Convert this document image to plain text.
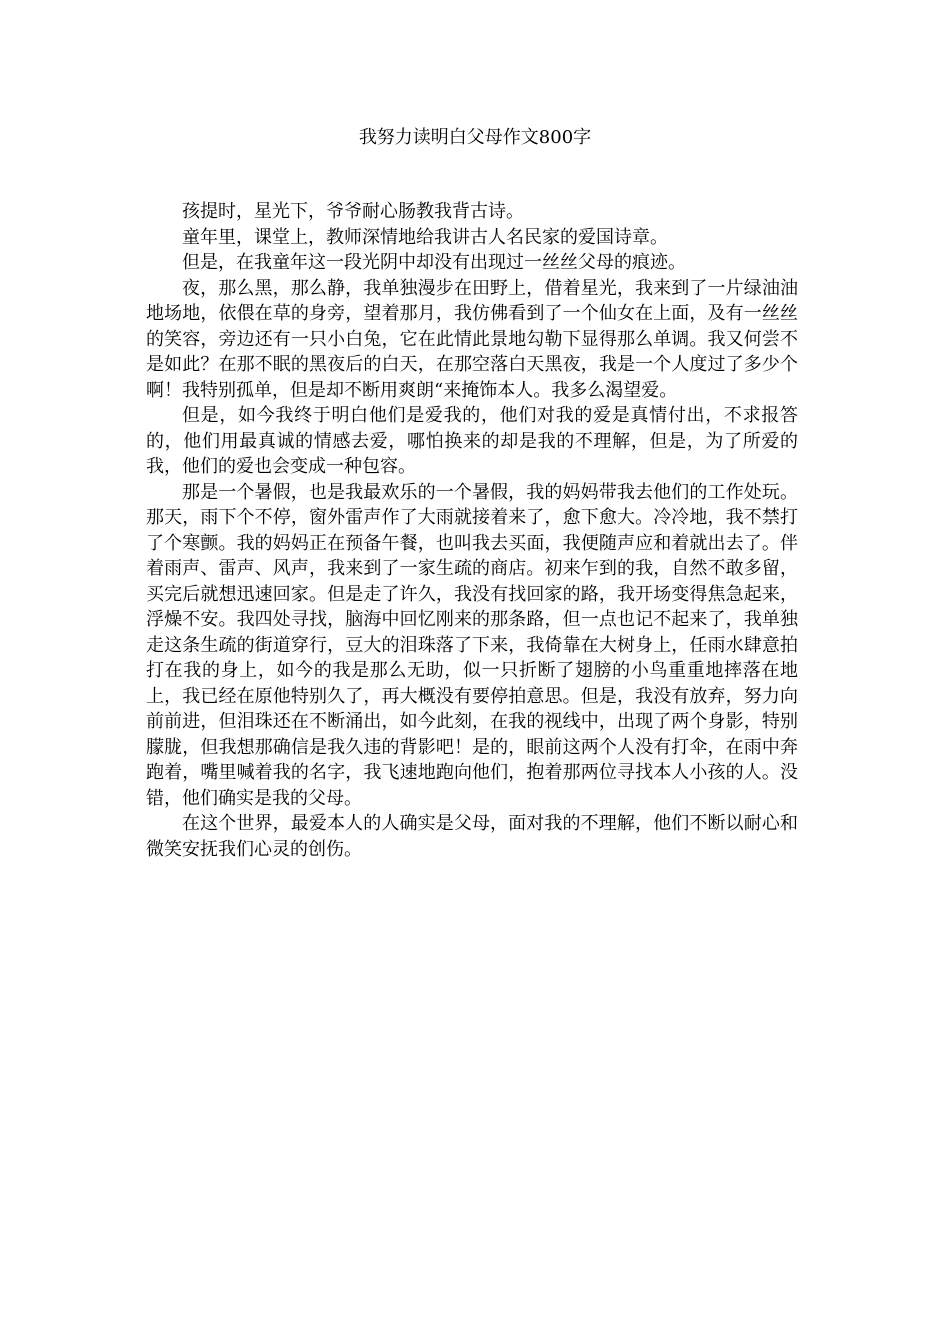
我努力读明白父母作文800字

孩提时，星光下，爷爷耐心肠教我背古诗。

童年里，课堂上，教师深情地给我讲古人名民家的爱国诗章。

但是，在我童年这一段光阴中却没有出现过一丝丝父母的痕迹。

夜，那么黑，那么静，我单独漫步在田野上，借着星光，我来到了一片绿油油地场地，依偎在草的身旁，望着那月，我仿佛看到了一个仙女在上面，及有一丝丝的笑容，旁边还有一只小白兔，它在此情此景地勾勒下显得那么单调。我又何尝不是如此？在那不眠的黑夜后的白天，在那空落白天黑夜，我是一个人度过了多少个啊！我特别孤单，但是却不断用爽朗“来掩饰本人。我多么渴望爱。

但是，如今我终于明白他们是爱我的，他们对我的爱是真情付出，不求报答的，他们用最真诚的情感去爱，哪怕换来的却是我的不理解，但是，为了所爱的我，他们的爱也会变成一种包容。

那是一个暑假，也是我最欢乐的一个暑假，我的妈妈带我去他们的工作处玩。那天，雨下个不停，窗外雷声作了大雨就接着来了，愈下愈大。冷冷地，我不禁打了个寒颤。我的妈妈正在预备午餐，也叫我去买面，我便随声应和着就出去了。伴着雨声、雷声、风声，我来到了一家生疏的商店。初来乍到的我，自然不敢多留，买完后就想迅速回家。但是走了许久，我没有找回家的路，我开场变得焦急起来，浮燥不安。我四处寻找，脑海中回忆刚来的那条路，但一点也记不起来了，我单独走这条生疏的街道穿行，豆大的泪珠落了下来，我倚靠在大树身上，任雨水肆意拍打在我的身上，如今的我是那么无助，似一只折断了翅膀的小鸟重重地摔落在地上，我已经在原他特别久了，再大概没有要停拍意思。但是，我没有放弃，努力向前前进，但泪珠还在不断涌出，如今此刻，在我的视线中，出现了两个身影，特别朦胧，但我想那确信是我久违的背影吧！是的，眼前这两个人没有打伞，在雨中奔跑着，嘴里喊着我的名字，我飞速地跑向他们，抱着那两位寻找本人小孩的人。没错，他们确实是我的父母。

在这个世界，最爱本人的人确实是父母，面对我的不理解，他们不断以耐心和微笑安抚我们心灵的创伤。
